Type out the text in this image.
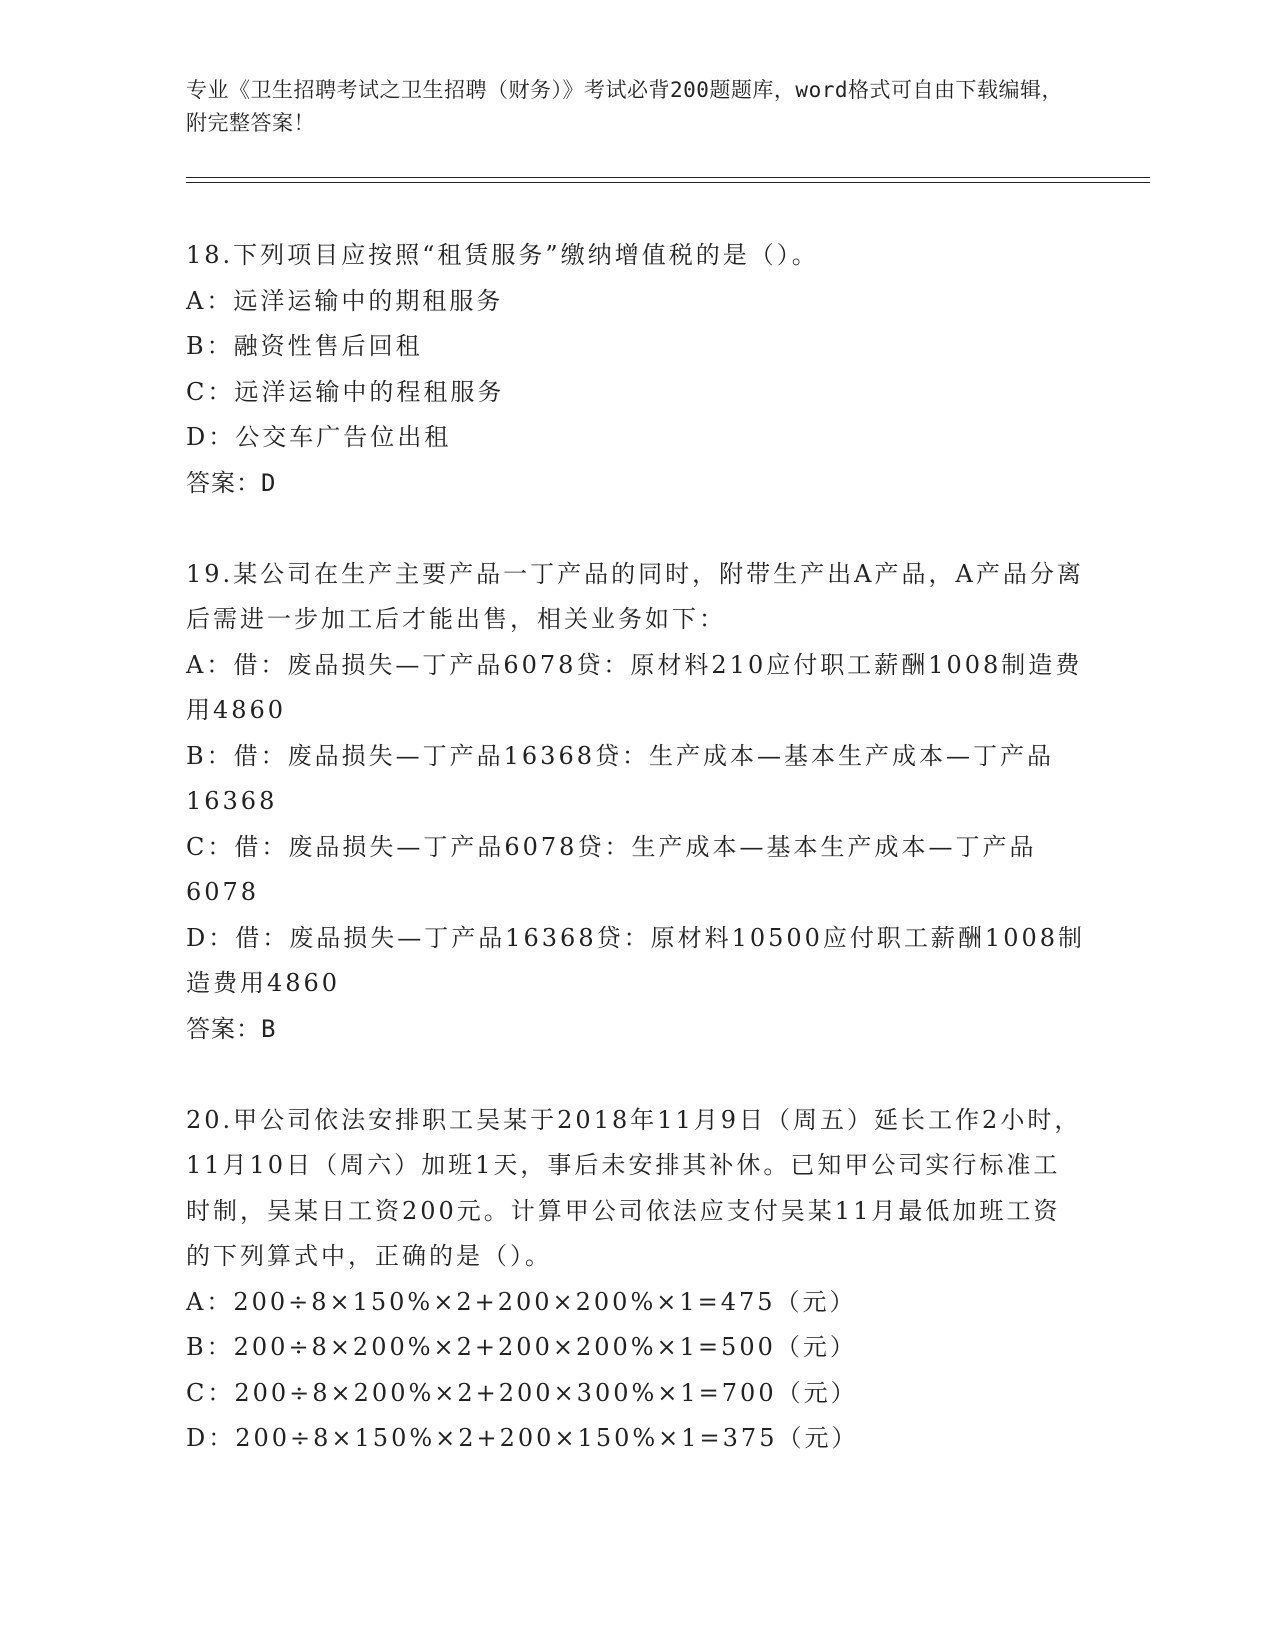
专业《卫生招聘考试之卫生招聘（财务）》考试必背200题题库，word格式可自由下载编辑，附完整答案！
18.下列项目应按照“租赁服务”缴纳增值税的是（）。
A：远洋运输中的期租服务
B：融资性售后回租
C：远洋运输中的程租服务
D：公交车广告位出租
答案：D
19.某公司在生产主要产品一丁产品的同时，附带生产出A产品，A产品分离后需进一步加工后才能出售，相关业务如下：
A：借：废品损失—丁产品6078贷：原材料210应付职工薪酬1008制造费用4860
B：借：废品损失—丁产品16368贷：生产成本—基本生产成本—丁产品16368
C：借：废品损失—丁产品6078贷：生产成本—基本生产成本—丁产品6078
D：借：废品损失—丁产品16368贷：原材料10500应付职工薪酬1008制造费用4860
答案：B
20.甲公司依法安排职工吴某于2018年11月9日（周五）延长工作2小时，11月10日（周六）加班1天，事后未安排其补休。已知甲公司实行标准工时制，吴某日工资200元。计算甲公司依法应支付吴某11月最低加班工资的下列算式中，正确的是（）。
A：200÷8×150%×2+200×200%×1=475（元）
B：200÷8×200%×2+200×200%×1=500（元）
C：200÷8×200%×2+200×300%×1=700（元）
D：200÷8×150%×2+200×150%×1=375（元）
